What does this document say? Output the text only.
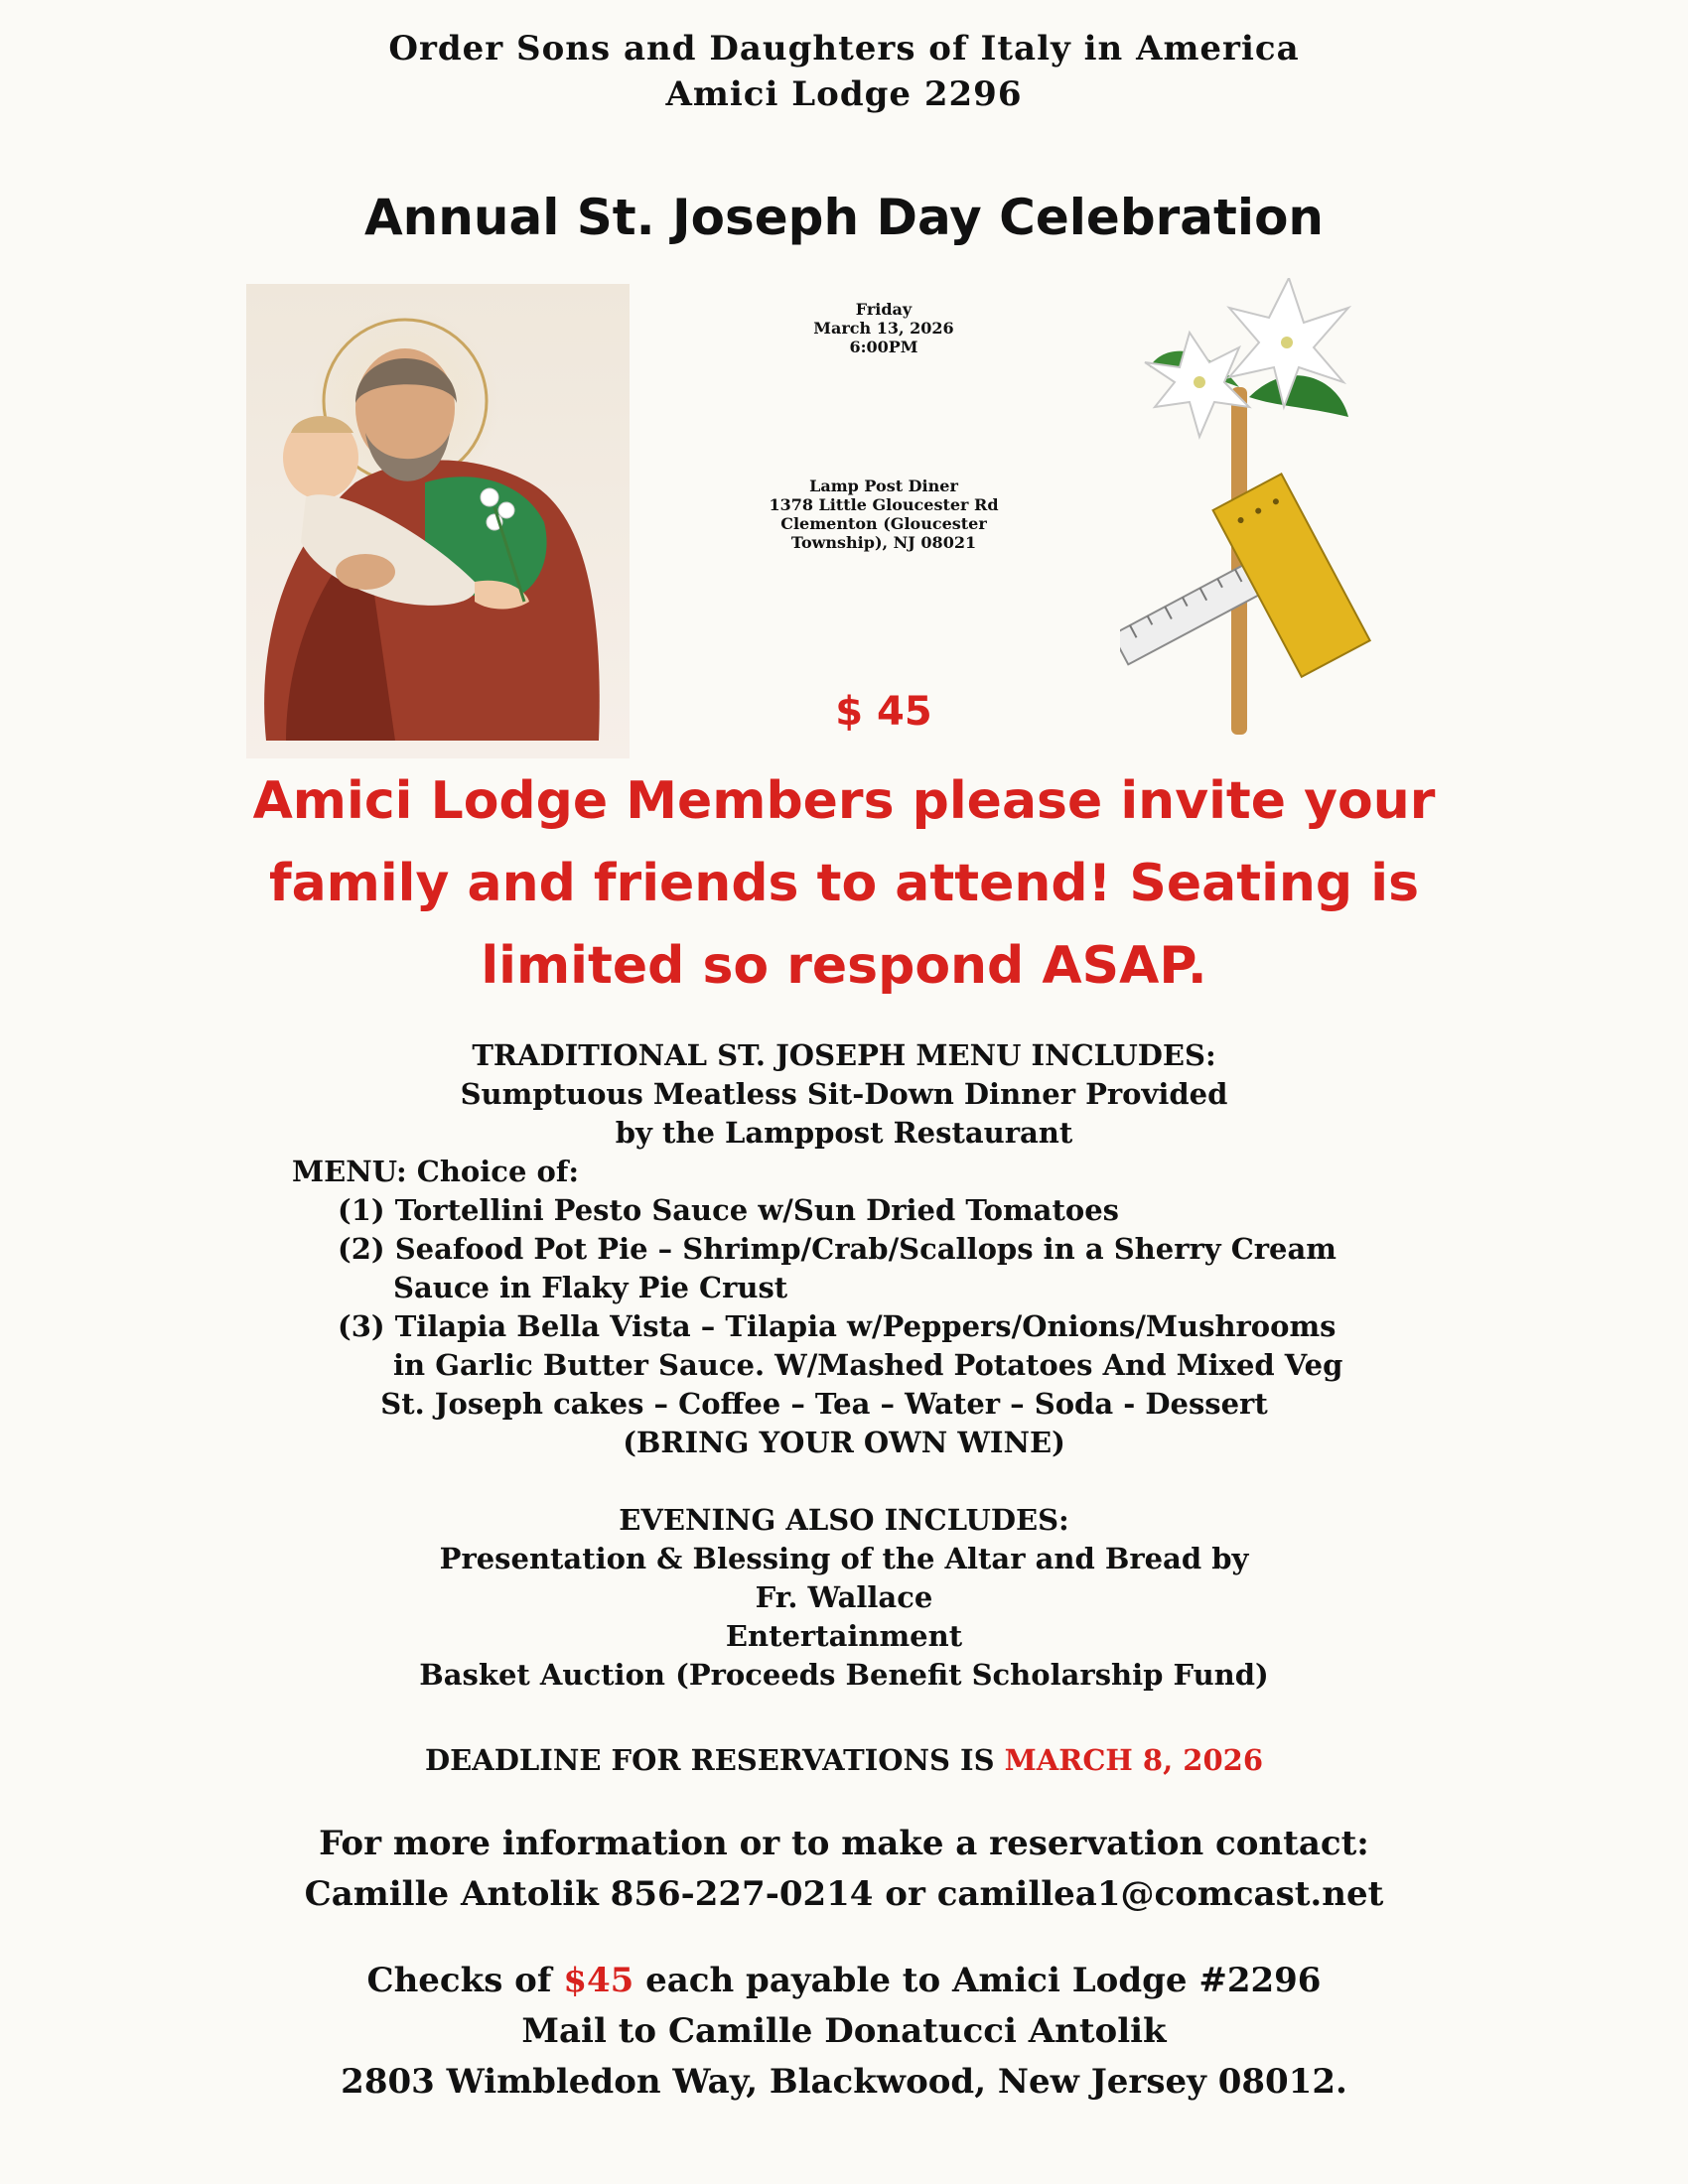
Order Sons and Daughters of Italy in America
Amici Lodge 2296
Annual St. Joseph Day Celebration
Friday
March 13, 2026
6:00PM
Lamp Post Diner
1378 Little Gloucester Rd
Clementon (Gloucester
Township), NJ 08021
$ 45
Amici Lodge Members please invite your
family and friends to attend! Seating is
limited so respond ASAP.
TRADITIONAL ST. JOSEPH MENU INCLUDES:
Sumptuous Meatless Sit-Down Dinner Provided
by the Lamppost Restaurant
MENU: Choice of:
(1) Tortellini Pesto Sauce w/Sun Dried Tomatoes
(2) Seafood Pot Pie – Shrimp/Crab/Scallops in a Sherry Cream
Sauce in Flaky Pie Crust
(3) Tilapia Bella Vista – Tilapia w/Peppers/Onions/Mushrooms
in Garlic Butter Sauce. W/Mashed Potatoes And Mixed Veg
St. Joseph cakes – Coffee – Tea – Water – Soda - Dessert
(BRING YOUR OWN WINE)
EVENING ALSO INCLUDES:
Presentation & Blessing of the Altar and Bread by
Fr. Wallace
Entertainment
Basket Auction (Proceeds Benefit Scholarship Fund)
DEADLINE FOR RESERVATIONS IS MARCH 8, 2026
For more information or to make a reservation contact:
Camille Antolik 856-227-0214 or camillea1@comcast.net
Checks of $45 each payable to Amici Lodge #2296
Mail to Camille Donatucci Antolik
2803 Wimbledon Way, Blackwood, New Jersey 08012.
